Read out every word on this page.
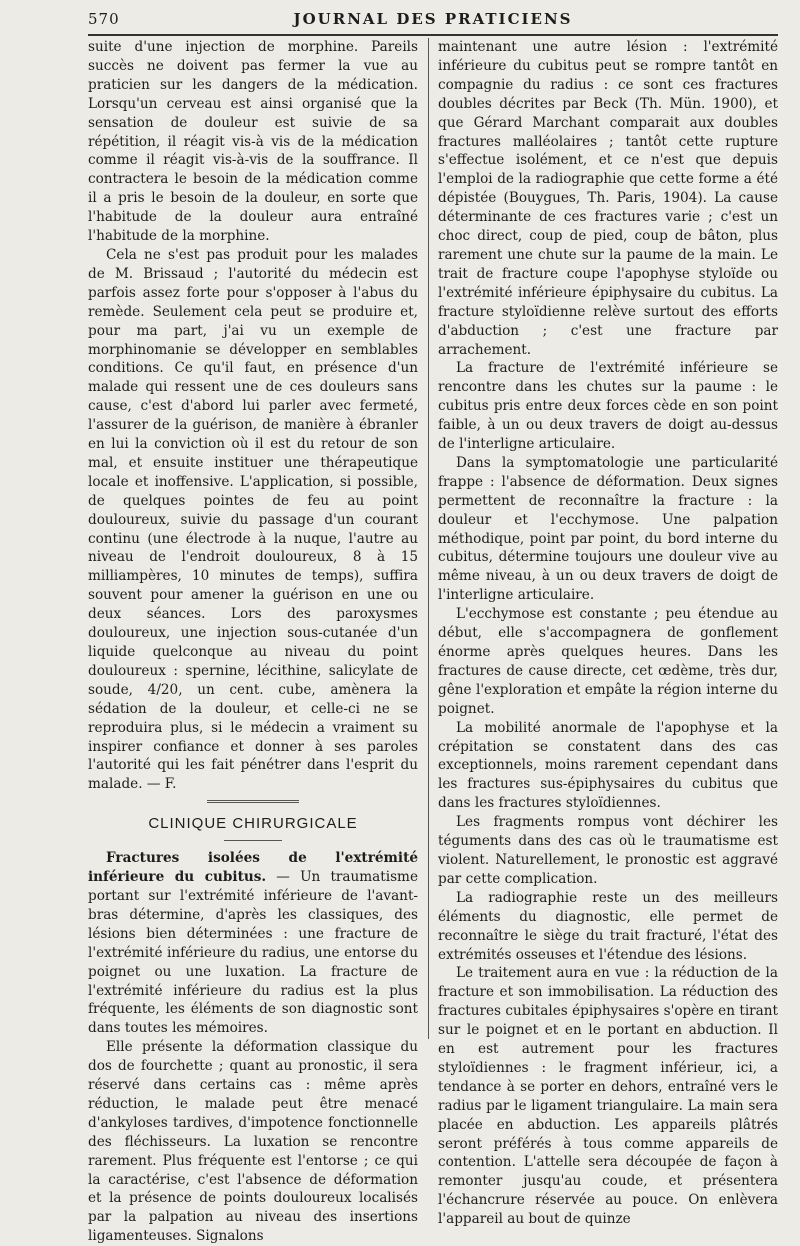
570	JOURNAL DES PRATICIENS

suite d'une injection de morphine. Pareils succès ne doivent pas fermer la vue au praticien sur les dangers de la médication. Lorsqu'un cerveau est ainsi organisé que la sensation de douleur est suivie de sa répétition, il réagit vis-à vis de la médication comme il réagit vis-à-vis de la souffrance. Il contractera le besoin de la médication comme il a pris le besoin de la douleur, en sorte que l'habitude de la douleur aura entraîné l'habitude de la morphine.

Cela ne s'est pas produit pour les malades de M. Brissaud ; l'autorité du médecin est parfois assez forte pour s'opposer à l'abus du remède. Seulement cela peut se produire et, pour ma part, j'ai vu un exemple de morphinomanie se développer en semblables conditions. Ce qu'il faut, en présence d'un malade qui ressent une de ces douleurs sans cause, c'est d'abord lui parler avec fermeté, l'assurer de la guérison, de manière à ébranler en lui la conviction où il est du retour de son mal, et ensuite instituer une thérapeutique locale et inoffensive. L'application, si possible, de quelques pointes de feu au point douloureux, suivie du passage d'un courant continu (une électrode à la nuque, l'autre au niveau de l'endroit douloureux, 8 à 15 milliampères, 10 minutes de temps), suffira souvent pour amener la guérison en une ou deux séances. Lors des paroxysmes douloureux, une injection sous-cutanée d'un liquide quelconque au niveau du point douloureux : spernine, lécithine, salicylate de soude, 4/20, un cent. cube, amènera la sédation de la douleur, et celle-ci ne se reproduira plus, si le médecin a vraiment su inspirer confiance et donner à ses paroles l'autorité qui les fait pénétrer dans l'esprit du malade. — F.

CLINIQUE CHIRURGICALE

Fractures isolées de l'extrémité inférieure du cubitus. — Un traumatisme portant sur l'extrémité inférieure de l'avant-bras détermine, d'après les classiques, des lésions bien déterminées : une fracture de l'extrémité inférieure du radius, une entorse du poignet ou une luxation. La fracture de l'extrémité inférieure du radius est la plus fréquente, les éléments de son diagnostic sont dans toutes les mémoires.

Elle présente la déformation classique du dos de fourchette ; quant au pronostic, il sera réservé dans certains cas : même après réduction, le malade peut être menacé d'ankyloses tardives, d'impotence fonctionnelle des fléchisseurs. La luxation se rencontre rarement. Plus fréquente est l'entorse ; ce qui la caractérise, c'est l'absence de déformation et la présence de points douloureux localisés par la palpation au niveau des insertions ligamenteuses. Signalons

maintenant une autre lésion : l'extrémité inférieure du cubitus peut se rompre tantôt en compagnie du radius : ce sont ces fractures doubles décrites par Beck (Th. Mün. 1900), et que Gérard Marchant comparait aux doubles fractures malléolaires ; tantôt cette rupture s'effectue isolément, et ce n'est que depuis l'emploi de la radiographie que cette forme a été dépistée (Bouygues, Th. Paris, 1904). La cause déterminante de ces fractures varie ; c'est un choc direct, coup de pied, coup de bâton, plus rarement une chute sur la paume de la main. Le trait de fracture coupe l'apophyse styloïde ou l'extrémité inférieure épiphysaire du cubitus. La fracture styloïdienne relève surtout des efforts d'abduction ; c'est une fracture par arrachement.

La fracture de l'extrémité inférieure se rencontre dans les chutes sur la paume : le cubitus pris entre deux forces cède en son point faible, à un ou deux travers de doigt au-dessus de l'interligne articulaire.

Dans la symptomatologie une particularité frappe : l'absence de déformation. Deux signes permettent de reconnaître la fracture : la douleur et l'ecchymose. Une palpation méthodique, point par point, du bord interne du cubitus, détermine toujours une douleur vive au même niveau, à un ou deux travers de doigt de l'interligne articulaire.

L'ecchymose est constante ; peu étendue au début, elle s'accompagnera de gonflement énorme après quelques heures. Dans les fractures de cause directe, cet œdème, très dur, gêne l'exploration et empâte la région interne du poignet.

La mobilité anormale de l'apophyse et la crépitation se constatent dans des cas exceptionnels, moins rarement cependant dans les fractures sus-épiphysaires du cubitus que dans les fractures styloïdiennes.

Les fragments rompus vont déchirer les téguments dans des cas où le traumatisme est violent. Naturellement, le pronostic est aggravé par cette complication.

La radiographie reste un des meilleurs éléments du diagnostic, elle permet de reconnaître le siège du trait fracturé, l'état des extrémités osseuses et l'étendue des lésions.

Le traitement aura en vue : la réduction de la fracture et son immobilisation. La réduction des fractures cubitales épiphysaires s'opère en tirant sur le poignet et en le portant en abduction. Il en est autrement pour les fractures styloïdiennes : le fragment inférieur, ici, a tendance à se porter en dehors, entraîné vers le radius par le ligament triangulaire. La main sera placée en abduction. Les appareils plâtrés seront préférés à tous comme appareils de contention. L'attelle sera découpée de façon à remonter jusqu'au coude, et présentera l'échancrure réservée au pouce. On enlèvera l'appareil au bout de quinze
